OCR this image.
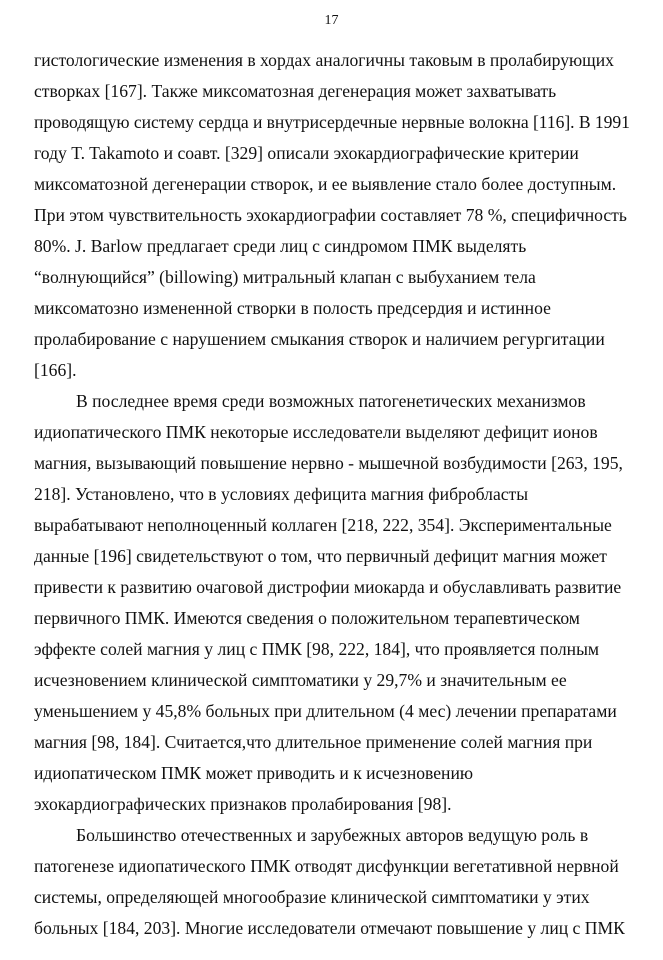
17
гистологические изменения в хордах аналогичны таковым в пролабирующих
створках [167]. Также миксоматозная дегенерация может захватывать
проводящую систему сердца и внутрисердечные нервные волокна [116]. В 1991
году T. Takamoto и соавт. [329] описали эхокардиографические критерии
миксоматозной дегенерации створок, и ее выявление стало более доступным.
При этом чувствительность эхокардиографии составляет 78 %, специфичность
80%. J. Barlow предлагает среди лиц с синдромом ПМК выделять
“волнующийся” (billowing) митральный клапан с выбуханием тела
миксоматозно измененной створки в полость предсердия и истинное
пролабирование с нарушением смыкания створок и наличием регургитации
[166].
В последнее время среди возможных патогенетических механизмов
идиопатического ПМК некоторые исследователи выделяют дефицит ионов
магния, вызывающий повышение нервно - мышечной возбудимости [263, 195,
218]. Установлено, что в условиях дефицита магния фибробласты
вырабатывают неполноценный коллаген [218, 222, 354]. Экспериментальные
данные [196] свидетельствуют о том, что первичный дефицит магния может
привести к развитию очаговой дистрофии миокарда и обуславливать развитие
первичного ПМК. Имеются сведения о положительном терапевтическом
эффекте солей магния у лиц с ПМК [98, 222, 184], что проявляется полным
исчезновением клинической симптоматики у 29,7% и значительным ее
уменьшением у 45,8% больных при длительном (4 мес) лечении препаратами
магния [98, 184]. Считается,что длительное применение солей магния при
идиопатическом ПМК может приводить и к исчезновению
эхокардиографических признаков пролабирования [98].
Большинство отечественных и зарубежных авторов ведущую роль в
патогенезе идиопатического ПМК отводят дисфункции вегетативной нервной
системы, определяющей многообразие клинической симптоматики у этих
больных [184, 203]. Многие исследователи отмечают повышение у лиц с ПМК
